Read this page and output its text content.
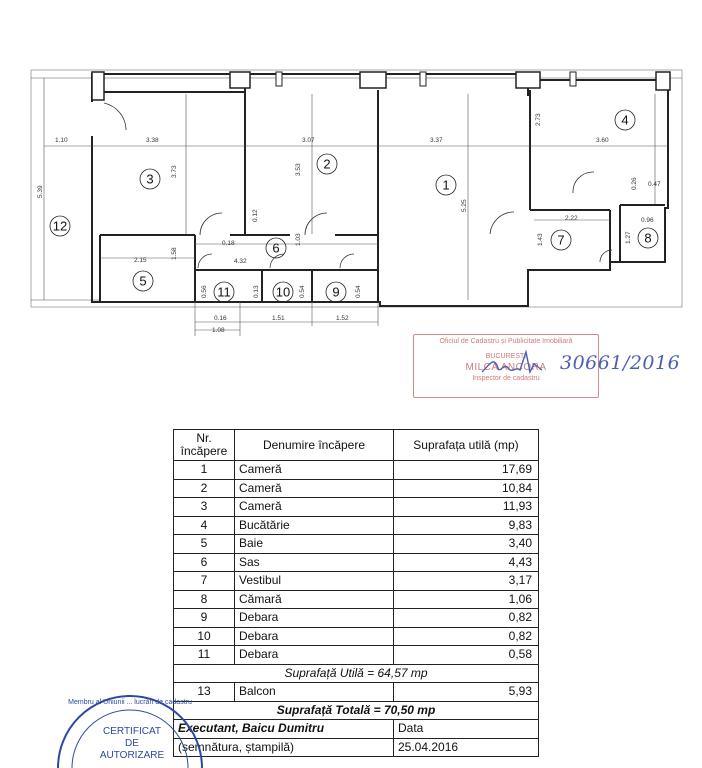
1.10	3.38	3.07	3.37	3.60
3.73	3.53
5.25
2.73
5.39
2.15
1.58
0.18
4.32
0.12
1.03
2.22
1.43
0.26 0.47
0.96
1.27
0.56	0.13	0.54	0.54
0.16
1.08
1.51	1.52
1
2
3
4
5
6
7	8
9
10
11
12
Oficiul de Cadastru și Publicitate Imobiliară
BUCUREȘTI
MILCA ANCORA
Inspector de cadastru
30661/2016
Nr. încăpere	Denumire încăpere	Suprafața utilă (mp)
1	Cameră	17,69
2	Cameră	10,84
3	Cameră	11,93
4	Bucătărie	9,83
5	Baie	3,40
6	Sas	4,43
7	Vestibul	3,17
8	Cămară	1,06
9	Debara	0,82
10	Debara	0,82
11	Debara	0,58
Suprafață Utilă = 64,57 mp		
13	Balcon	5,93
Suprafață Totală = 70,50 mp		
Executant, Baicu Dumitru		Data
(semnătura, ștampilă)		25.04.2016
Membru al Uniunii ... lucrări de cadastru
CERTIFICAT
DE
AUTORIZARE
